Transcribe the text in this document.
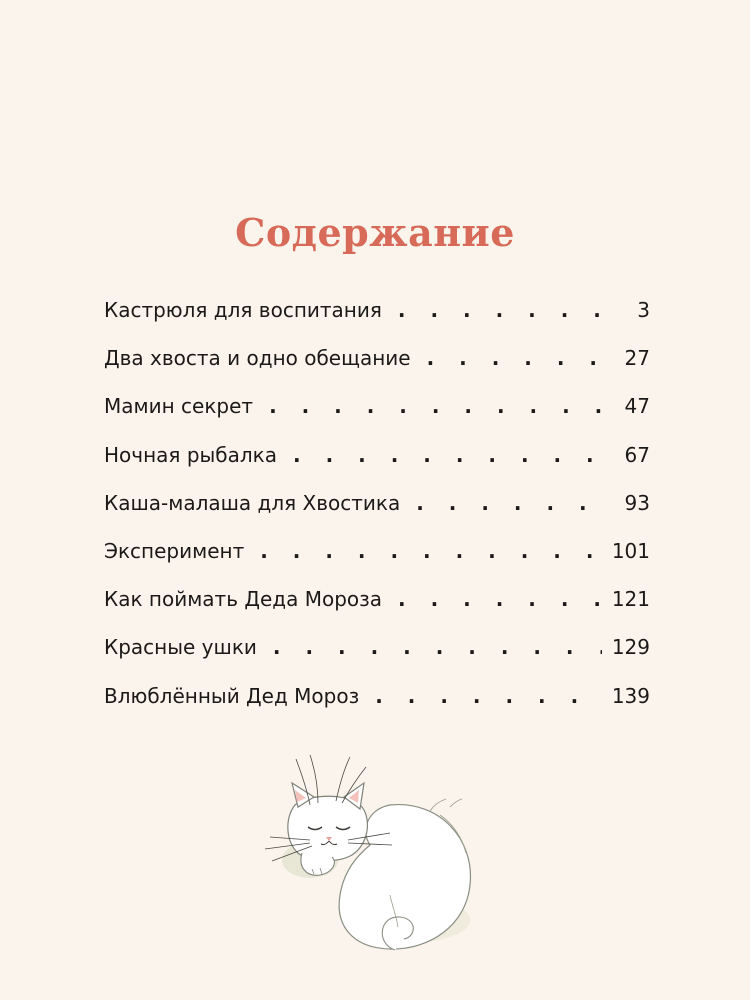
Содержание
Кастрюля для воспитания . . .	3
Два хвоста и одно обещание . . .	27
Мамин секрет . . .	47
Ночная рыбалка . . .	67
Каша-малаша для Хвостика . . .	93
Эксперимент . . .	101
Как поймать Деда Мороза . . .	121
Красные ушки . . .	129
Влюблённый Дед Мороз . . .	139
